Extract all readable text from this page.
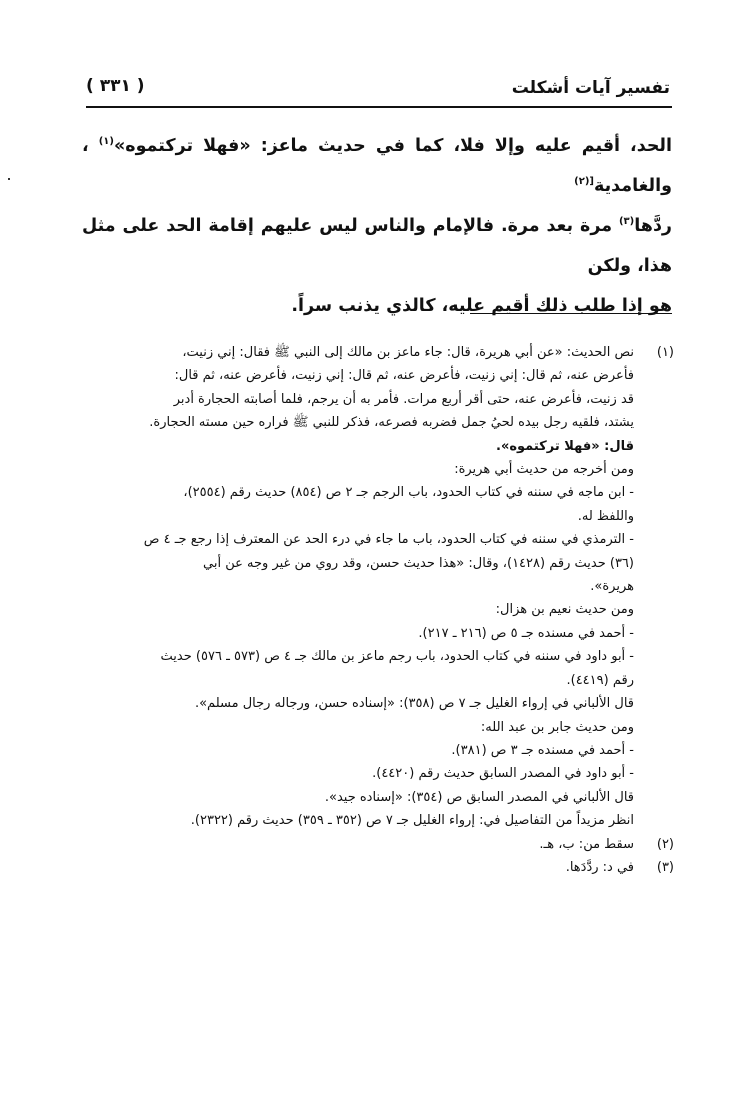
تفسير آيات أشكلت
( ٣٣١ )

الحد، أقيم عليه وإلا فلا، كما في حديث ماعز: «فهلا تركتموه»$^{(١)}$ ، والغامدية$^{[(٢)}$

ردَّها$^{(٣)}$ مرة بعد مرة. فالإمام والناس ليس عليهم إقامة الحد على مثل هذا، ولكن

هو إذا طلب ذلك أقيم عليه، كالذي يذنب سراً.

(١)

نص الحديث: «عن أبي هريرة، قال: جاء ماعز بن مالك إلى النبي ﷺ فقال: إني زنيت،

فأعرض عنه، ثم قال: إني زنيت، فأعرض عنه، ثم قال: إني زنيت، فأعرض عنه، ثم قال:

قد زنيت، فأعرض عنه، حتى أقر أربع مرات. فأمر به أن يرجم، فلما أصابته الحجارة أدبر

يشتد، فلقيه رجل بيده لحيُ جمل فضربه فصرعه، فذكر للنبي ﷺ فراره حين مسته الحجارة.

قال: «فهلا تركتموه».

ومن أخرجه من حديث أبي هريرة:

- ابن ماجه في سننه في كتاب الحدود، باب الرجم جـ ٢ ص (٨٥٤) حديث رقم (٢٥٥٤)،

واللفظ له.

- الترمذي في سننه في كتاب الحدود، باب ما جاء في درء الحد عن المعترف إذا رجع جـ ٤ ص

(٣٦) حديث رقم (١٤٢٨)، وقال: «هذا حديث حسن، وقد روي من غير وجه عن أبي

هريرة».

ومن حديث نعيم بن هزال:

- أحمد في مسنده جـ ٥ ص (٢١٦ ـ ٢١٧).

- أبو داود في سننه في كتاب الحدود، باب رجم ماعز بن مالك جـ ٤ ص (٥٧٣ ـ ٥٧٦) حديث

رقم (٤٤١٩).

قال الألباني في إرواء الغليل جـ ٧ ص (٣٥٨): «إسناده حسن، ورجاله رجال مسلم».

ومن حديث جابر بن عبد الله:

- أحمد في مسنده جـ ٣ ص (٣٨١).

- أبو داود في المصدر السابق حديث رقم (٤٤٢٠).

قال الألباني في المصدر السابق ص (٣٥٤): «إسناده جيد».

انظر مزيداً من التفاصيل في: إرواء الغليل جـ ٧ ص (٣٥٢ ـ ٣٥٩) حديث رقم (٢٣٢٢).

(٢)

سقط من: ب، هـ.

(٣)

في د: ردَّدَها.
